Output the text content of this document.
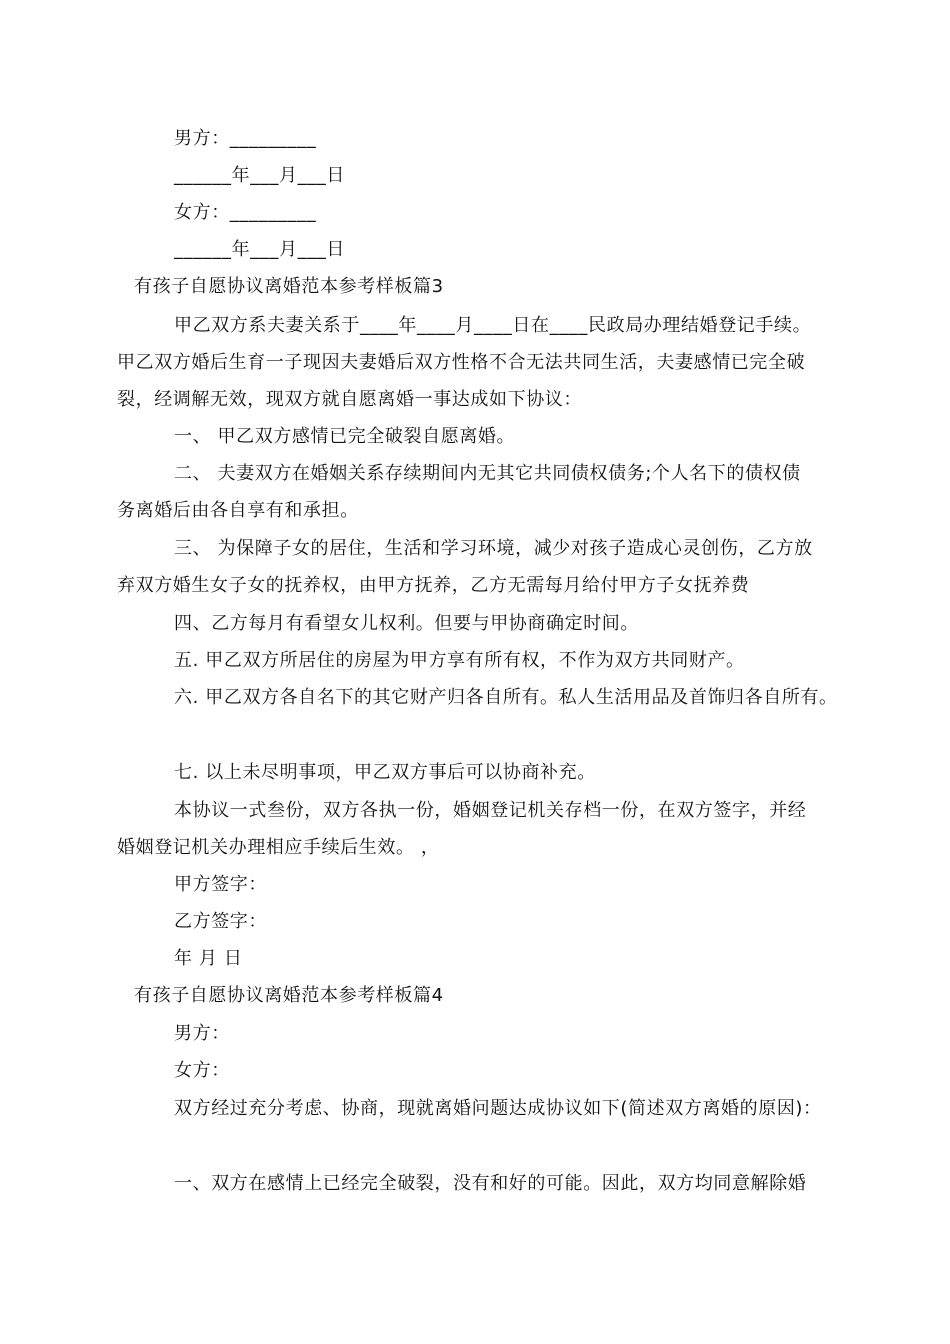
男方：_________
______年___月___日
女方：_________
______年___月___日
有孩子自愿协议离婚范本参考样板篇3
甲乙双方系夫妻关系于____年____月____日在____民政局办理结婚登记手续。
甲乙双方婚后生育一子现因夫妻婚后双方性格不合无法共同生活，夫妻感情已完全破
裂，经调解无效，现双方就自愿离婚一事达成如下协议：
一、 甲乙双方感情已完全破裂自愿离婚。
二、 夫妻双方在婚姻关系存续期间内无其它共同债权债务;个人名下的债权债
务离婚后由各自享有和承担。
三、 为保障子女的居住，生活和学习环境，减少对孩子造成心灵创伤，乙方放
弃双方婚生女子女的抚养权，由甲方抚养，乙方无需每月给付甲方子女抚养费
四、乙方每月有看望女儿权利。但要与甲协商确定时间。
五. 甲乙双方所居住的房屋为甲方享有所有权，不作为双方共同财产。
六. 甲乙双方各自名下的其它财产归各自所有。私人生活用品及首饰归各自所有。
七. 以上未尽明事项，甲乙双方事后可以协商补充。
本协议一式叁份，双方各执一份，婚姻登记机关存档一份，在双方签字，并经
婚姻登记机关办理相应手续后生效。 ，
甲方签字：
乙方签字：
年 月 日
有孩子自愿协议离婚范本参考样板篇4
男方：
女方：
双方经过充分考虑、协商，现就离婚问题达成协议如下(简述双方离婚的原因)：
一、双方在感情上已经完全破裂，没有和好的可能。因此，双方均同意解除婚
